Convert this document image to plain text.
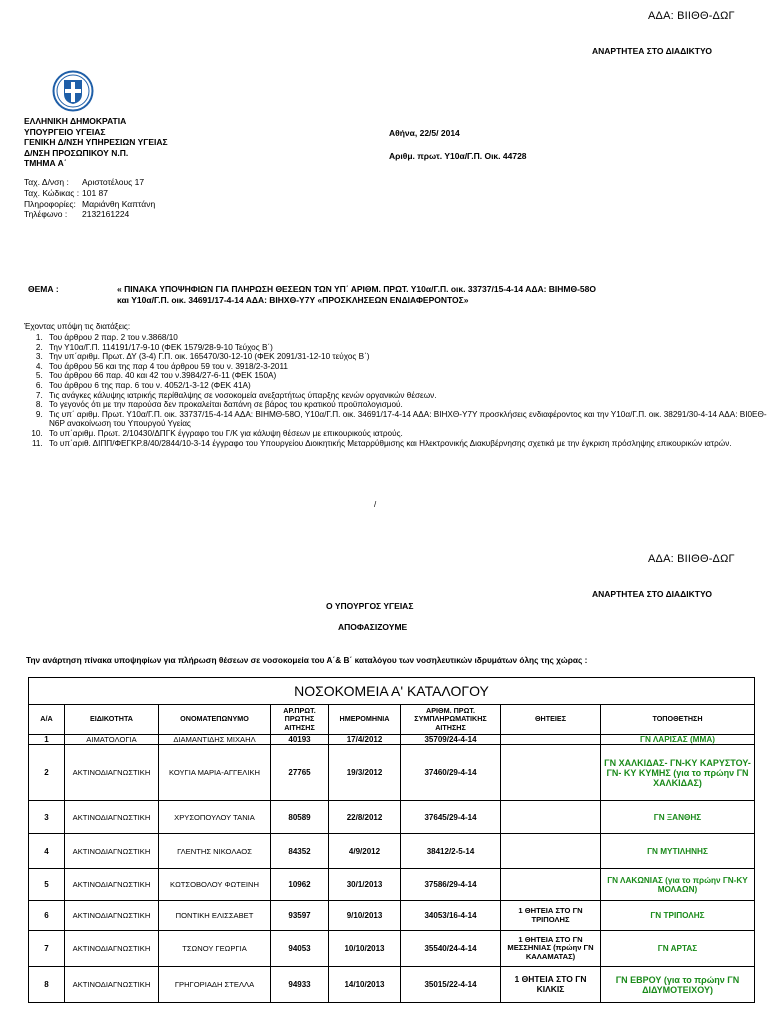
ΑΔΑ: ΒΙΙΘΘ-ΔΩΓ
ΑΝΑΡΤΗΤΕΑ ΣΤΟ ΔΙΑΔΙΚΤΥΟ
ΕΛΛΗΝΙΚΗ ΔΗΜΟΚΡΑΤΙΑ
ΥΠΟΥΡΓΕΙΟ ΥΓΕΙΑΣ
ΓΕΝΙΚΗ Δ/ΝΣΗ ΥΠΗΡΕΣΙΩΝ ΥΓΕΙΑΣ
Δ/ΝΣΗ ΠΡΟΣΩΠΙΚΟΥ Ν.Π.
ΤΜΗΜΑ Α΄
Αθήνα, 22/5/ 2014
Αριθμ. πρωτ. Υ10α/Γ.Π. Οικ. 44728
Ταχ. Δ/νση :	Αριστοτέλους 17
Ταχ. Κώδικας : 101 87
Πληροφορίες: Μαριάνθη Καπτάνη
Τηλέφωνο :	2132161224
ΘΕΜΑ :	« ΠΙΝΑΚΑ ΥΠΟΨΗΦΙΩΝ ΓΙΑ ΠΛΗΡΩΣΗ ΘΕΣΕΩΝ ΤΩΝ ΥΠ΄ ΑΡΙΘΜ. ΠΡΩΤ. Υ10α/Γ.Π. οικ. 33737/15-4-14 ΑΔΑ: ΒΙΗΜΘ-58Ο
και Υ10α/Γ.Π. οικ. 34691/17-4-14 ΑΔΑ: ΒΙΗΧΘ-Υ7Υ «ΠΡΟΣΚΛΗΣΕΩΝ ΕΝΔΙΑΦΕΡΟΝΤΟΣ»
Έχοντας υπόψη τις διατάξεις:
1. Του άρθρου 2 παρ. 2 του ν.3868/10
2. Την Υ10α/Γ.Π. 114191/17-9-10 (ΦΕΚ 1579/28-9-10 Τεύχος Β΄)
3. Την υπ΄αριθμ. Πρωτ. ΔΥ (3-4) Γ.Π. οικ. 165470/30-12-10 (ΦΕΚ 2091/31-12-10 τεύχος Β΄)
4. Του άρθρου 56 και της παρ 4 του άρθρου 59 του ν. 3918/2-3-2011
5. Του άρθρου 66 παρ. 40 και 42 του ν.3984/27-6-11 (ΦΕΚ 150Α)
6. Του άρθρου 6 της παρ. 6 του ν. 4052/1-3-12 (ΦΕΚ 41Α)
7. Τις ανάγκες κάλυψης ιατρικής περίθαλψης σε νοσοκομεία ανεξαρτήτως ύπαρξης κενών οργανικών θέσεων.
8. Το γεγονός ότι με την παρούσα δεν προκαλείται δαπάνη σε βάρος του κρατικού προϋπολογισμού.
9. Τις υπ΄ αριθμ. Πρωτ. Υ10α/Γ.Π. οικ. 33737/15-4-14 ΑΔΑ: ΒΙΗΜΘ-58Ο, Υ10α/Γ.Π. οικ. 34691/17-4-14 ΑΔΑ: ΒΙΗΧΘ-Υ7Υ προσκλήσεις ενδιαφέροντος και την Υ10α/Γ.Π. οικ. 38291/30-4-14 ΑΔΑ: ΒΙ0ΕΘ-Ν6Ρ ανακοίνωση του Υπουργού Υγείας
10. Το υπ΄αριθμ. Πρωτ. 2/10430/ΔΠΓΚ έγγραφο του Γ/Κ για κάλυψη θέσεων με επικουρικούς ιατρούς.
11. Το υπ΄αριθ. ΔΙΠΠ/ΦΕΓΚΡ.8/40/2844/10-3-14 έγγραφο του Υπουργείου Διοικητικής Μεταρρύθμισης και Ηλεκτρονικής Διακυβέρνησης σχετικά με την έγκριση πρόσληψης επικουρικών ιατρών.
/
ΑΔΑ: ΒΙΙΘΘ-ΔΩΓ
ΑΝΑΡΤΗΤΕΑ ΣΤΟ ΔΙΑΔΙΚΤΥΟ
Ο ΥΠΟΥΡΓΟΣ ΥΓΕΙΑΣ
ΑΠΟΦΑΣΙΖΟΥΜΕ
Την ανάρτηση πίνακα υποψηφίων για πλήρωση θέσεων σε νοσοκομεία του Α΄& Β΄ καταλόγου των νοσηλευτικών ιδρυμάτων όλης της χώρας :
ΝΟΣΟΚΟΜΕΙΑ Α' ΚΑΤΑΛΟΓΟΥ
Α/Α	ΕΙΔΙΚΟΤΗΤΑ	ΟΝΟΜΑΤΕΠΩΝΥΜΟ	ΑΡ.ΠΡΩΤ. ΠΡΩΤΗΣ ΑΙΤΗΣΗΣ	ΗΜΕΡΟΜΗΝΙΑ	ΑΡΙΘΜ. ΠΡΩΤ. ΣΥΜΠΛΗΡΩΜΑΤΙΚΗΣ ΑΙΤΗΣΗΣ	ΘΗΤΕΙΕΣ	ΤΟΠΟΘΕΤΗΣΗ
1	ΑΙΜΑΤΟΛΟΓΙΑ	ΔΙΑΜΑΝΤΙΔΗΣ ΜΙΧΑΗΛ	40193	17/4/2012	35709/24-4-14		ΓΝ ΛΑΡΙΣΑΣ (ΜΜΑ)
2	ΑΚΤΙΝΟΔΙΑΓΝΩΣΤΙΚΗ	ΚΟΥΓΙΑ ΜΑΡΙΑ-ΑΓΓΕΛΙΚΗ	27765	19/3/2012	37460/29-4-14		ΓΝ ΧΑΛΚΙΔΑΣ- ΓΝ-ΚΥ ΚΑΡΥΣΤΟΥ-ΓΝ- ΚΥ ΚΥΜΗΣ (για το πρώην ΓΝ ΧΑΛΚΙΔΑΣ)
3	ΑΚΤΙΝΟΔΙΑΓΝΩΣΤΙΚΗ	ΧΡΥΣΟΠΟΥΛΟΥ ΤΑΝΙΑ	80589	22/8/2012	37645/29-4-14		ΓΝ ΞΑΝΘΗΣ
4	ΑΚΤΙΝΟΔΙΑΓΝΩΣΤΙΚΗ	ΓΛΕΝΤΗΣ ΝΙΚΟΛΑΟΣ	84352	4/9/2012	38412/2-5-14		ΓΝ ΜΥΤΙΛΗΝΗΣ
5	ΑΚΤΙΝΟΔΙΑΓΝΩΣΤΙΚΗ	ΚΩΤΣΟΒΟΛΟΥ ΦΩΤΕΙΝΗ	10962	30/1/2013	37586/29-4-14		ΓΝ ΛΑΚΩΝΙΑΣ (για το πρώην ΓΝ-ΚΥ ΜΟΛΑΩΝ)
6	ΑΚΤΙΝΟΔΙΑΓΝΩΣΤΙΚΗ	ΠΟΝΤΙΚΗ ΕΛΙΣΣΑΒΕΤ	93597	9/10/2013	34053/16-4-14	1 ΘΗΤΕΙΑ ΣΤΟ ΓΝ ΤΡΙΠΟΛΗΣ	ΓΝ ΤΡΙΠΟΛΗΣ
7	ΑΚΤΙΝΟΔΙΑΓΝΩΣΤΙΚΗ	ΤΣΩΝΟΥ ΓΕΩΡΓΙΑ	94053	10/10/2013	35540/24-4-14	1 ΘΗΤΕΙΑ ΣΤΟ ΓΝ ΜΕΣΣΗΝΙΑΣ (πρώην ΓΝ ΚΑΛΑΜΑΤΑΣ)	ΓΝ ΑΡΤΑΣ
8	ΑΚΤΙΝΟΔΙΑΓΝΩΣΤΙΚΗ	ΓΡΗΓΟΡΙΑΔΗ ΣΤΕΛΛΑ	94933	14/10/2013	35015/22-4-14	1 ΘΗΤΕΙΑ ΣΤΟ ΓΝ ΚΙΛΚΙΣ	ΓΝ ΕΒΡΟΥ (για το πρώην ΓΝ ΔΙΔΥΜΟΤΕΙΧΟΥ)
